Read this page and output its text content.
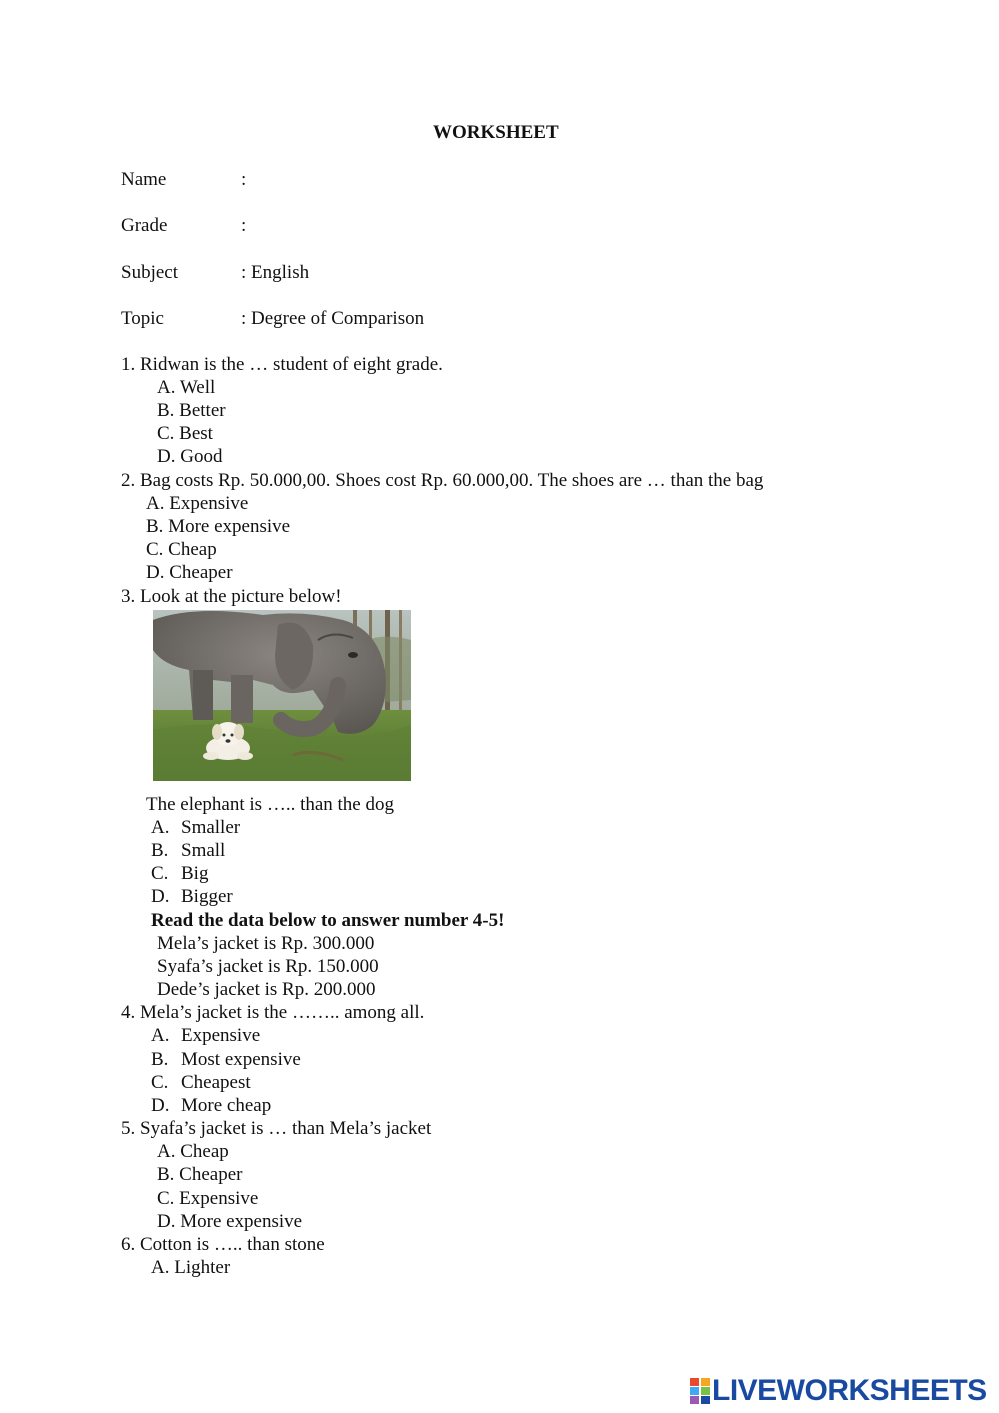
WORKSHEET
Name	:
Grade	:
Subject	: English
Topic	: Degree of Comparison
1. Ridwan is the … student of eight grade.
A. Well
B. Better
C. Best
D. Good
2. Bag costs Rp. 50.000,00. Shoes cost Rp. 60.000,00. The shoes are … than the bag
A. Expensive
B. More expensive
C. Cheap
D. Cheaper
3. Look at the picture below!
The elephant is ….. than the dog
A. Smaller
B. Small
C. Big
D. Bigger
Read the data below to answer number 4-5!
Mela’s jacket is Rp. 300.000
Syafa’s jacket is Rp. 150.000
Dede’s jacket is Rp. 200.000
4. Mela’s jacket is the …….. among all.
A. Expensive
B. Most expensive
C. Cheapest
D. More cheap
5. Syafa’s jacket is … than Mela’s jacket
A. Cheap
B. Cheaper
C. Expensive
D. More expensive
6. Cotton is ….. than stone
A. Lighter
LIVEWORKSHEETS
